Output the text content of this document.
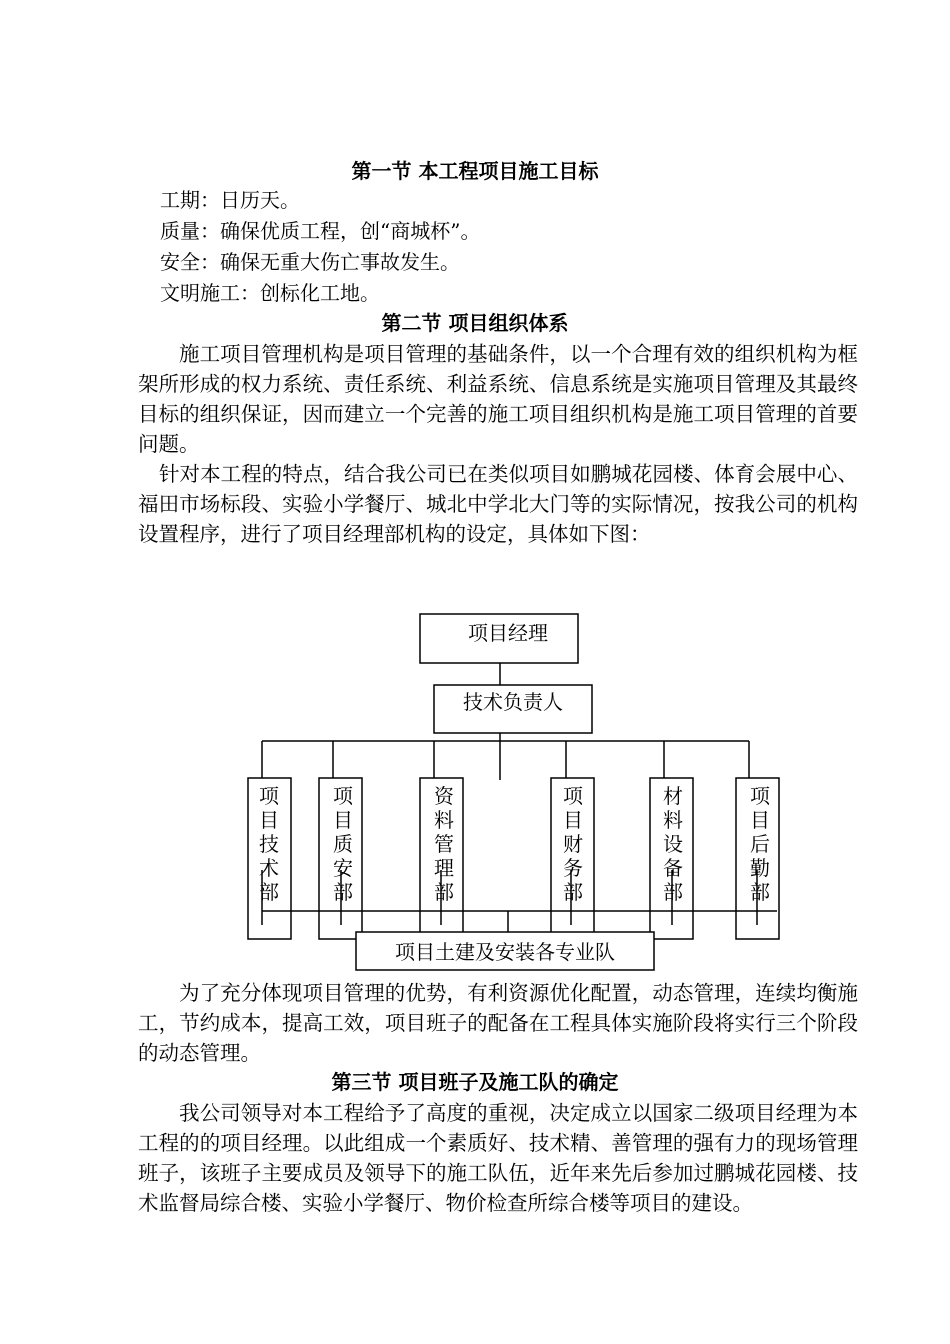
第一节 本工程项目施工目标
工期：日历天。
质量：确保优质工程，创“商城杯”。
安全：确保无重大伤亡事故发生。
文明施工：创标化工地。
第二节 项目组织体系
施工项目管理机构是项目管理的基础条件，以一个合理有效的组织机构为框架所形成的权力系统、责任系统、利益系统、信息系统是实施项目管理及其最终目标的组织保证，因而建立一个完善的施工项目组织机构是施工项目管理的首要问题。
针对本工程的特点，结合我公司已在类似项目如鹏城花园楼、体育会展中心、福田市场标段、实验小学餐厅、城北中学北大门等的实际情况，按我公司的机构设置程序，进行了项目经理部机构的设定，具体如下图：
项目经理
技术负责人
项目土建及安装各专业队
项目技术部
项目质安部
资料管理部
项目财务部
材料设备部
项目后勤部
为了充分体现项目管理的优势，有利资源优化配置，动态管理，连续均衡施工，节约成本，提高工效，项目班子的配备在工程具体实施阶段将实行三个阶段的动态管理。
第三节 项目班子及施工队的确定
我公司领导对本工程给予了高度的重视，决定成立以国家二级项目经理为本工程的的项目经理。以此组成一个素质好、技术精、善管理的强有力的现场管理班子，该班子主要成员及领导下的施工队伍，近年来先后参加过鹏城花园楼、技术监督局综合楼、实验小学餐厅、物价检查所综合楼等项目的建设。
